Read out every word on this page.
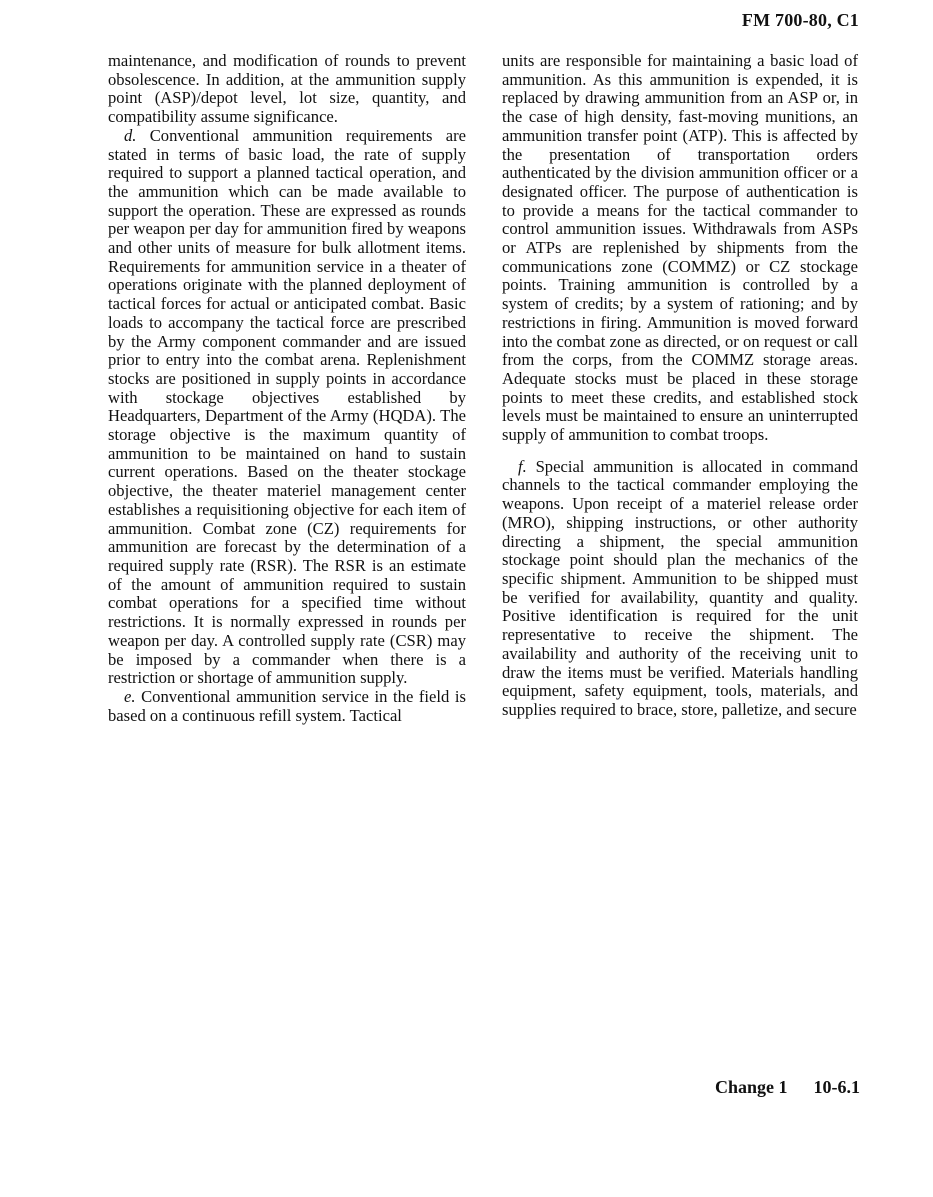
FM 700-80, C1

maintenance, and modification of rounds to prevent obsolescence. In addition, at the ammunition supply point (ASP)/depot level, lot size, quantity, and compatibility assume significance.

d. Conventional ammunition requirements are stated in terms of basic load, the rate of supply required to support a planned tactical operation, and the ammunition which can be made available to support the operation. These are expressed as rounds per weapon per day for ammunition fired by weapons and other units of measure for bulk allotment items. Requirements for ammunition service in a theater of operations originate with the planned deployment of tactical forces for actual or anticipated combat. Basic loads to accompany the tactical force are prescribed by the Army component commander and are issued prior to entry into the combat arena. Replenishment stocks are positioned in supply points in accordance with stockage objectives established by Headquarters, Department of the Army (HQDA). The storage objective is the maximum quantity of ammunition to be maintained on hand to sustain current operations. Based on the theater stockage objective, the theater materiel management center establishes a requisitioning objective for each item of ammunition. Combat zone (CZ) requirements for ammunition are forecast by the determination of a required supply rate (RSR). The RSR is an estimate of the amount of ammunition required to sustain combat operations for a specified time without restrictions. It is normally expressed in rounds per weapon per day. A controlled supply rate (CSR) may be imposed by a commander when there is a restriction or shortage of ammunition supply.

e. Conventional ammunition service in the field is based on a continuous refill system. Tactical

units are responsible for maintaining a basic load of ammunition. As this ammunition is expended, it is replaced by drawing ammunition from an ASP or, in the case of high density, fast-moving munitions, an ammunition transfer point (ATP). This is affected by the presentation of transportation orders authenticated by the division ammunition officer or a designated officer. The purpose of authentication is to provide a means for the tactical commander to control ammunition issues. Withdrawals from ASPs or ATPs are replenished by shipments from the communications zone (COMMZ) or CZ stockage points. Training ammunition is controlled by a system of credits; by a system of rationing; and by restrictions in firing. Ammunition is moved forward into the combat zone as directed, or on request or call from the corps, from the COMMZ storage areas. Adequate stocks must be placed in these storage points to meet these credits, and established stock levels must be maintained to ensure an uninterrupted supply of ammunition to combat troops.

f. Special ammunition is allocated in command channels to the tactical commander employing the weapons. Upon receipt of a materiel release order (MRO), shipping instructions, or other authority directing a shipment, the special ammunition stockage point should plan the mechanics of the specific shipment. Ammunition to be shipped must be verified for availability, quantity and quality. Positive identification is required for the unit representative to receive the shipment. The availability and authority of the receiving unit to draw the items must be verified. Materials handling equipment, safety equipment, tools, materials, and supplies required to brace, store, palletize, and secure

Change 1 10-6.1
